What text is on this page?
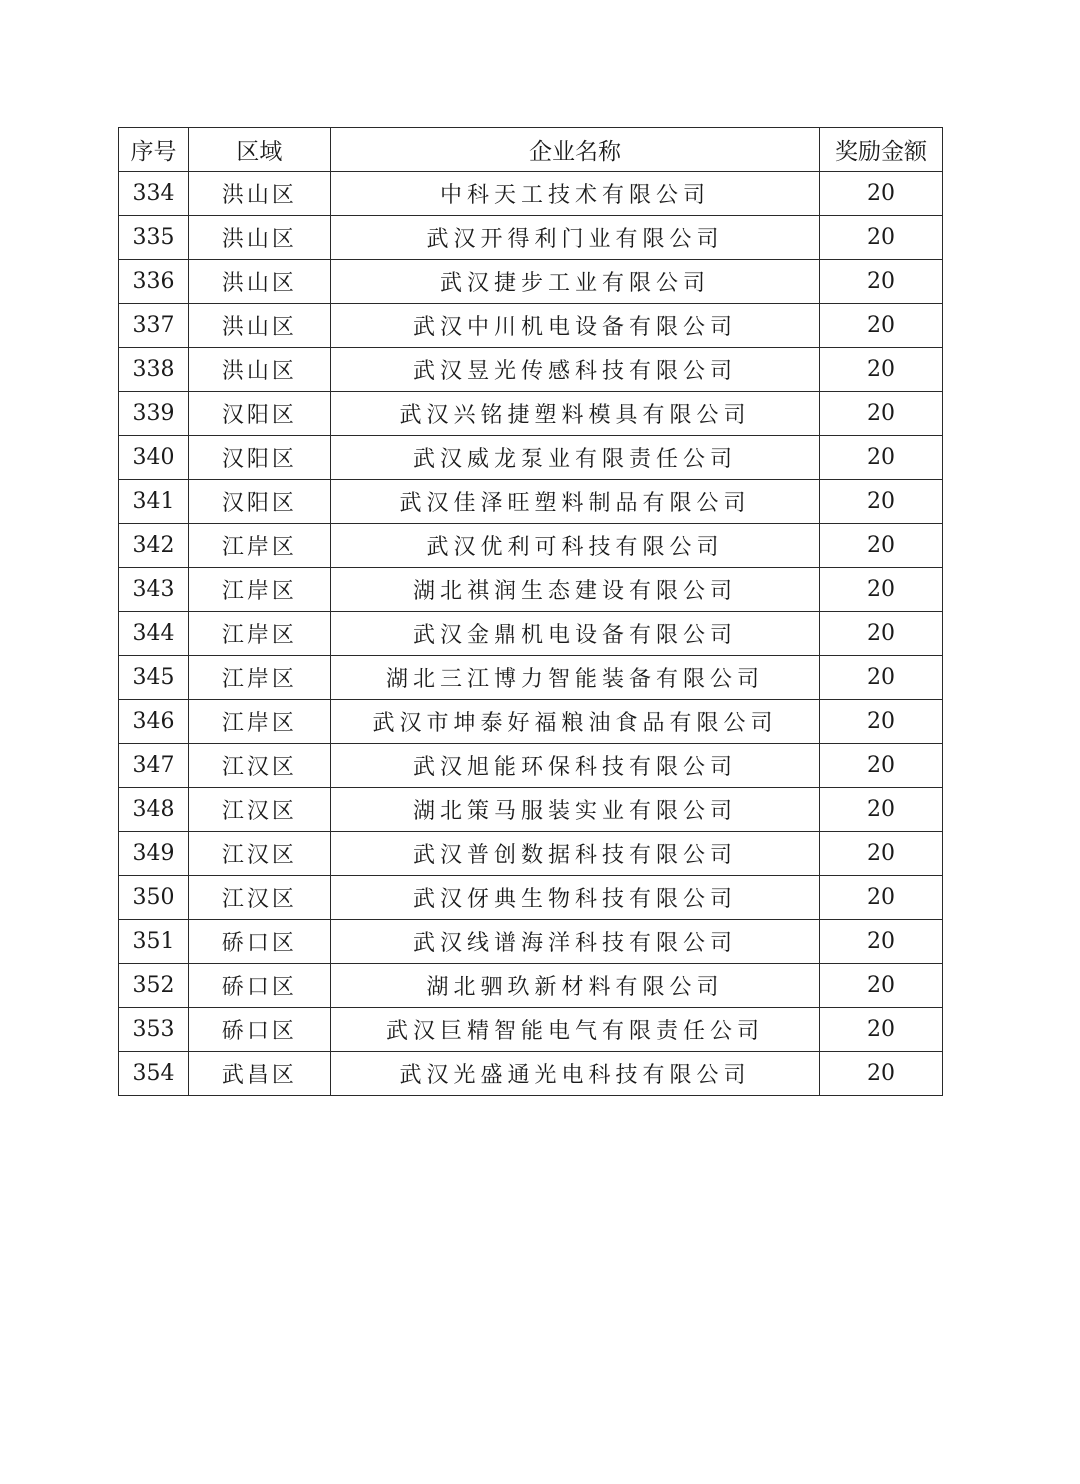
序号	区域	企业名称	奖励金额
334	洪山区	中科天工技术有限公司	20
335	洪山区	武汉开得利门业有限公司	20
336	洪山区	武汉捷步工业有限公司	20
337	洪山区	武汉中川机电设备有限公司	20
338	洪山区	武汉昱光传感科技有限公司	20
339	汉阳区	武汉兴铭捷塑料模具有限公司	20
340	汉阳区	武汉威龙泵业有限责任公司	20
341	汉阳区	武汉佳泽旺塑料制品有限公司	20
342	江岸区	武汉优利可科技有限公司	20
343	江岸区	湖北祺润生态建设有限公司	20
344	江岸区	武汉金鼎机电设备有限公司	20
345	江岸区	湖北三江博力智能装备有限公司	20
346	江岸区	武汉市坤泰好福粮油食品有限公司	20
347	江汉区	武汉旭能环保科技有限公司	20
348	江汉区	湖北策马服装实业有限公司	20
349	江汉区	武汉普创数据科技有限公司	20
350	江汉区	武汉伢典生物科技有限公司	20
351	硚口区	武汉线谱海洋科技有限公司	20
352	硚口区	湖北驷玖新材料有限公司	20
353	硚口区	武汉巨精智能电气有限责任公司	20
354	武昌区	武汉光盛通光电科技有限公司	20
